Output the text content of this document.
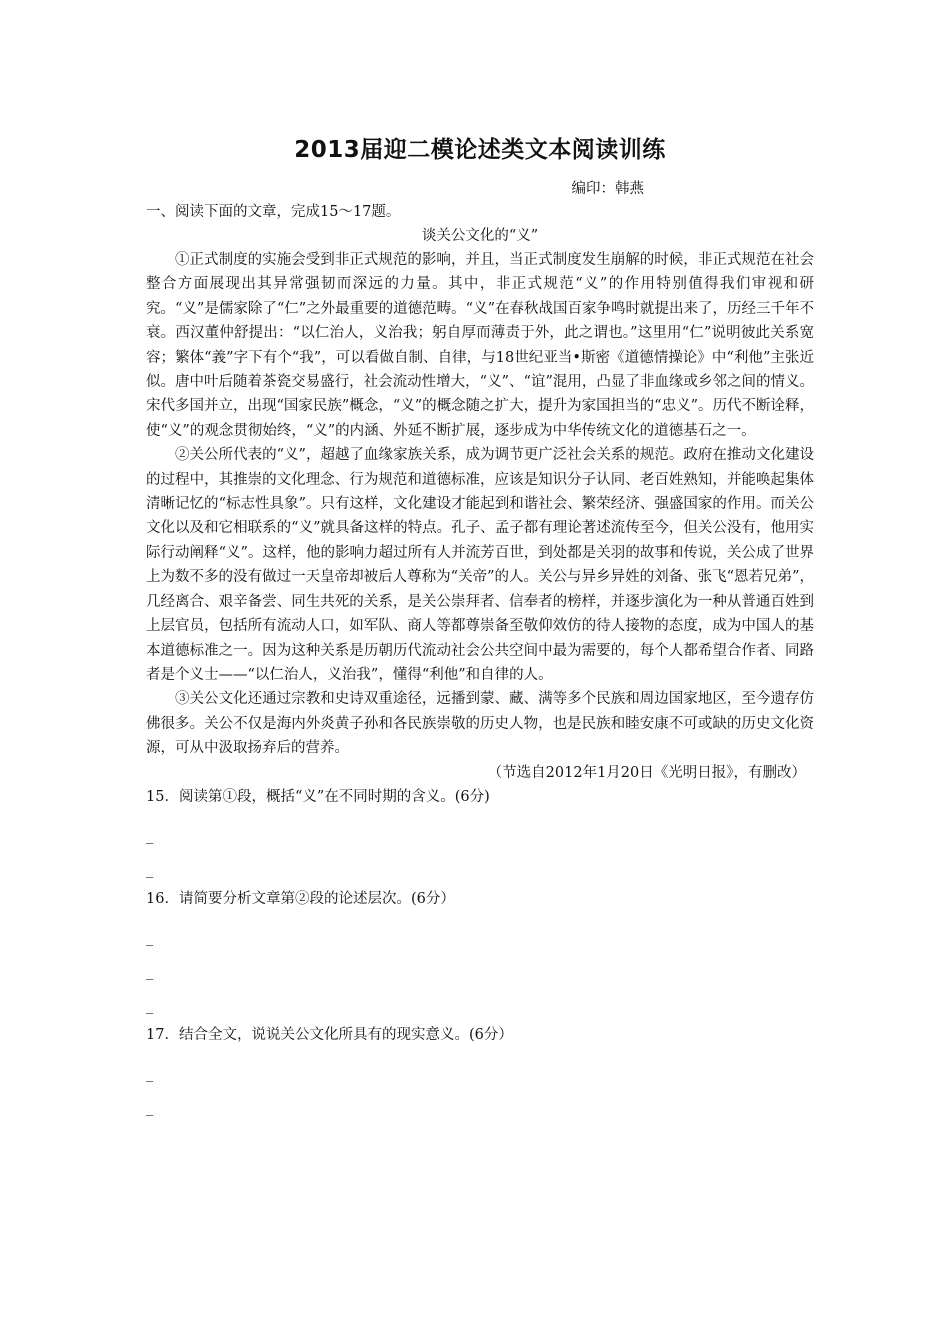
2013届迎二模论述类文本阅读训练
编印：韩燕
一、阅读下面的文章，完成15～17题。
谈关公文化的“义”

①正式制度的实施会受到非正式规范的影响，并且，当正式制度发生崩解的时候，非正式规范在社会整合方面展现出其异常强韧而深远的力量。其中，非正式规范“义”的作用特别值得我们审视和研究。“义”是儒家除了“仁”之外最重要的道德范畴。“义”在春秋战国百家争鸣时就提出来了，历经三千年不衰。西汉董仲舒提出：“以仁治人，义治我；躬自厚而薄责于外，此之谓也。”这里用“仁”说明彼此关系宽容；繁体“義”字下有个“我”，可以看做自制、自律，与18世纪亚当•斯密《道德情操论》中“利他”主张近似。唐中叶后随着茶瓷交易盛行，社会流动性增大，“义”、“谊”混用，凸显了非血缘或乡邻之间的情义。宋代多国并立，出现“国家民族”概念，“义”的概念随之扩大，提升为家国担当的“忠义”。历代不断诠释，使“义”的观念贯彻始终，“义”的内涵、外延不断扩展，逐步成为中华传统文化的道德基石之一。

②关公所代表的“义”，超越了血缘家族关系，成为调节更广泛社会关系的规范。政府在推动文化建设的过程中，其推崇的文化理念、行为规范和道德标准，应该是知识分子认同、老百姓熟知，并能唤起集体清晰记忆的“标志性具象”。只有这样，文化建设才能起到和谐社会、繁荣经济、强盛国家的作用。而关公文化以及和它相联系的“义”就具备这样的特点。孔子、孟子都有理论著述流传至今，但关公没有，他用实际行动阐释“义”。这样，他的影响力超过所有人并流芳百世，到处都是关羽的故事和传说，关公成了世界上为数不多的没有做过一天皇帝却被后人尊称为“关帝”的人。关公与异乡异姓的刘备、张飞“恩若兄弟”，几经离合、艰辛备尝、同生共死的关系，是关公崇拜者、信奉者的榜样，并逐步演化为一种从普通百姓到上层官员，包括所有流动人口，如军队、商人等都尊崇备至敬仰效仿的待人接物的态度，成为中国人的基本道德标准之一。因为这种关系是历朝历代流动社会公共空间中最为需要的，每个人都希望合作者、同路者是个义士——“以仁治人，义治我”，懂得“利他”和自律的人。

③关公文化还通过宗教和史诗双重途径，远播到蒙、藏、满等多个民族和周边国家地区，至今遗存仿佛很多。关公不仅是海内外炎黄子孙和各民族崇敬的历史人物，也是民族和睦安康不可或缺的历史文化资源，可从中汲取扬弃后的营养。

（节选自2012年1月20日《光明日报》，有删改）
15．阅读第①段，概括“义”在不同时期的含义。(6分)
_
_
16．请简要分析文章第②段的论述层次。(6分）
_
_
_
17．结合全文，说说关公文化所具有的现实意义。(6分）
_
_
